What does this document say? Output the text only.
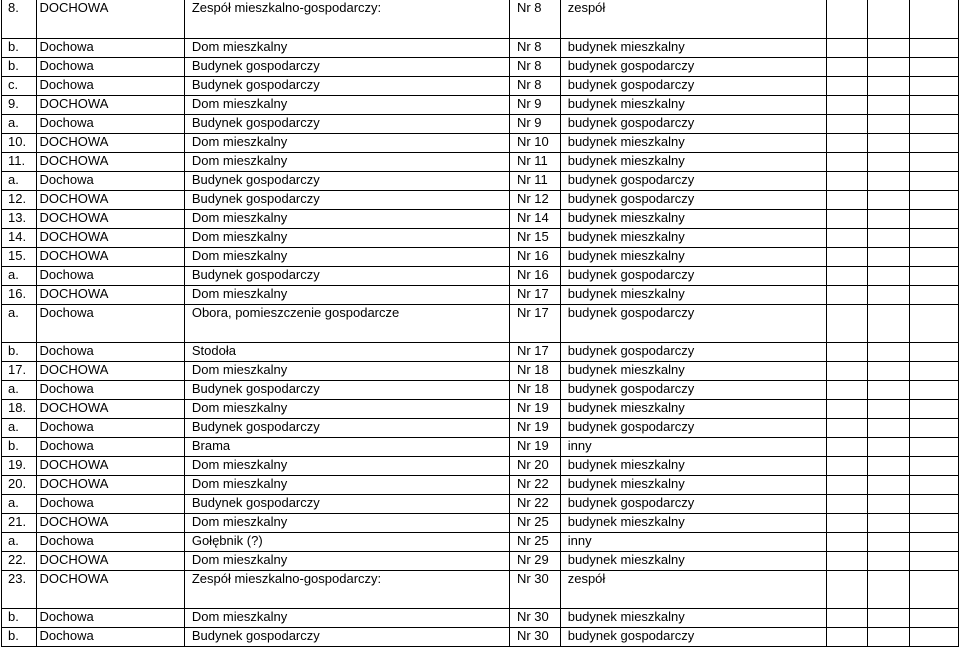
8.	DOCHOWA	Zespół mieszkalno-gospodarczy:	Nr 8	zespół			
b.	Dochowa	Dom mieszkalny	Nr 8	budynek mieszkalny			
b.	Dochowa	Budynek gospodarczy	Nr 8	budynek gospodarczy			
c.	Dochowa	Budynek gospodarczy	Nr 8	budynek gospodarczy			
9.	DOCHOWA	Dom mieszkalny	Nr 9	budynek mieszkalny			
a.	Dochowa	Budynek gospodarczy	Nr 9	budynek gospodarczy			
10.	DOCHOWA	Dom mieszkalny	Nr 10	budynek mieszkalny			
11.	DOCHOWA	Dom mieszkalny	Nr 11	budynek mieszkalny			
a.	Dochowa	Budynek gospodarczy	Nr 11	budynek gospodarczy			
12.	DOCHOWA	Budynek gospodarczy	Nr 12	budynek gospodarczy			
13.	DOCHOWA	Dom mieszkalny	Nr 14	budynek mieszkalny			
14.	DOCHOWA	Dom mieszkalny	Nr 15	budynek mieszkalny			
15.	DOCHOWA	Dom mieszkalny	Nr 16	budynek mieszkalny			
a.	Dochowa	Budynek gospodarczy	Nr 16	budynek gospodarczy			
16.	DOCHOWA	Dom mieszkalny	Nr 17	budynek mieszkalny			
a.	Dochowa	Obora, pomieszczenie gospodarcze	Nr 17	budynek gospodarczy			
b.	Dochowa	Stodoła	Nr 17	budynek gospodarczy			
17.	DOCHOWA	Dom mieszkalny	Nr 18	budynek mieszkalny			
a.	Dochowa	Budynek gospodarczy	Nr 18	budynek gospodarczy			
18.	DOCHOWA	Dom mieszkalny	Nr 19	budynek mieszkalny			
a.	Dochowa	Budynek gospodarczy	Nr 19	budynek gospodarczy			
b.	Dochowa	Brama	Nr 19	inny			
19.	DOCHOWA	Dom mieszkalny	Nr 20	budynek mieszkalny			
20.	DOCHOWA	Dom mieszkalny	Nr 22	budynek mieszkalny			
a.	Dochowa	Budynek gospodarczy	Nr 22	budynek gospodarczy			
21.	DOCHOWA	Dom mieszkalny	Nr 25	budynek mieszkalny			
a.	Dochowa	Gołębnik (?)	Nr 25	inny			
22.	DOCHOWA	Dom mieszkalny	Nr 29	budynek mieszkalny			
23.	DOCHOWA	Zespół mieszkalno-gospodarczy:	Nr 30	zespół			
b.	Dochowa	Dom mieszkalny	Nr 30	budynek mieszkalny			
b.	Dochowa	Budynek gospodarczy	Nr 30	budynek gospodarczy			
